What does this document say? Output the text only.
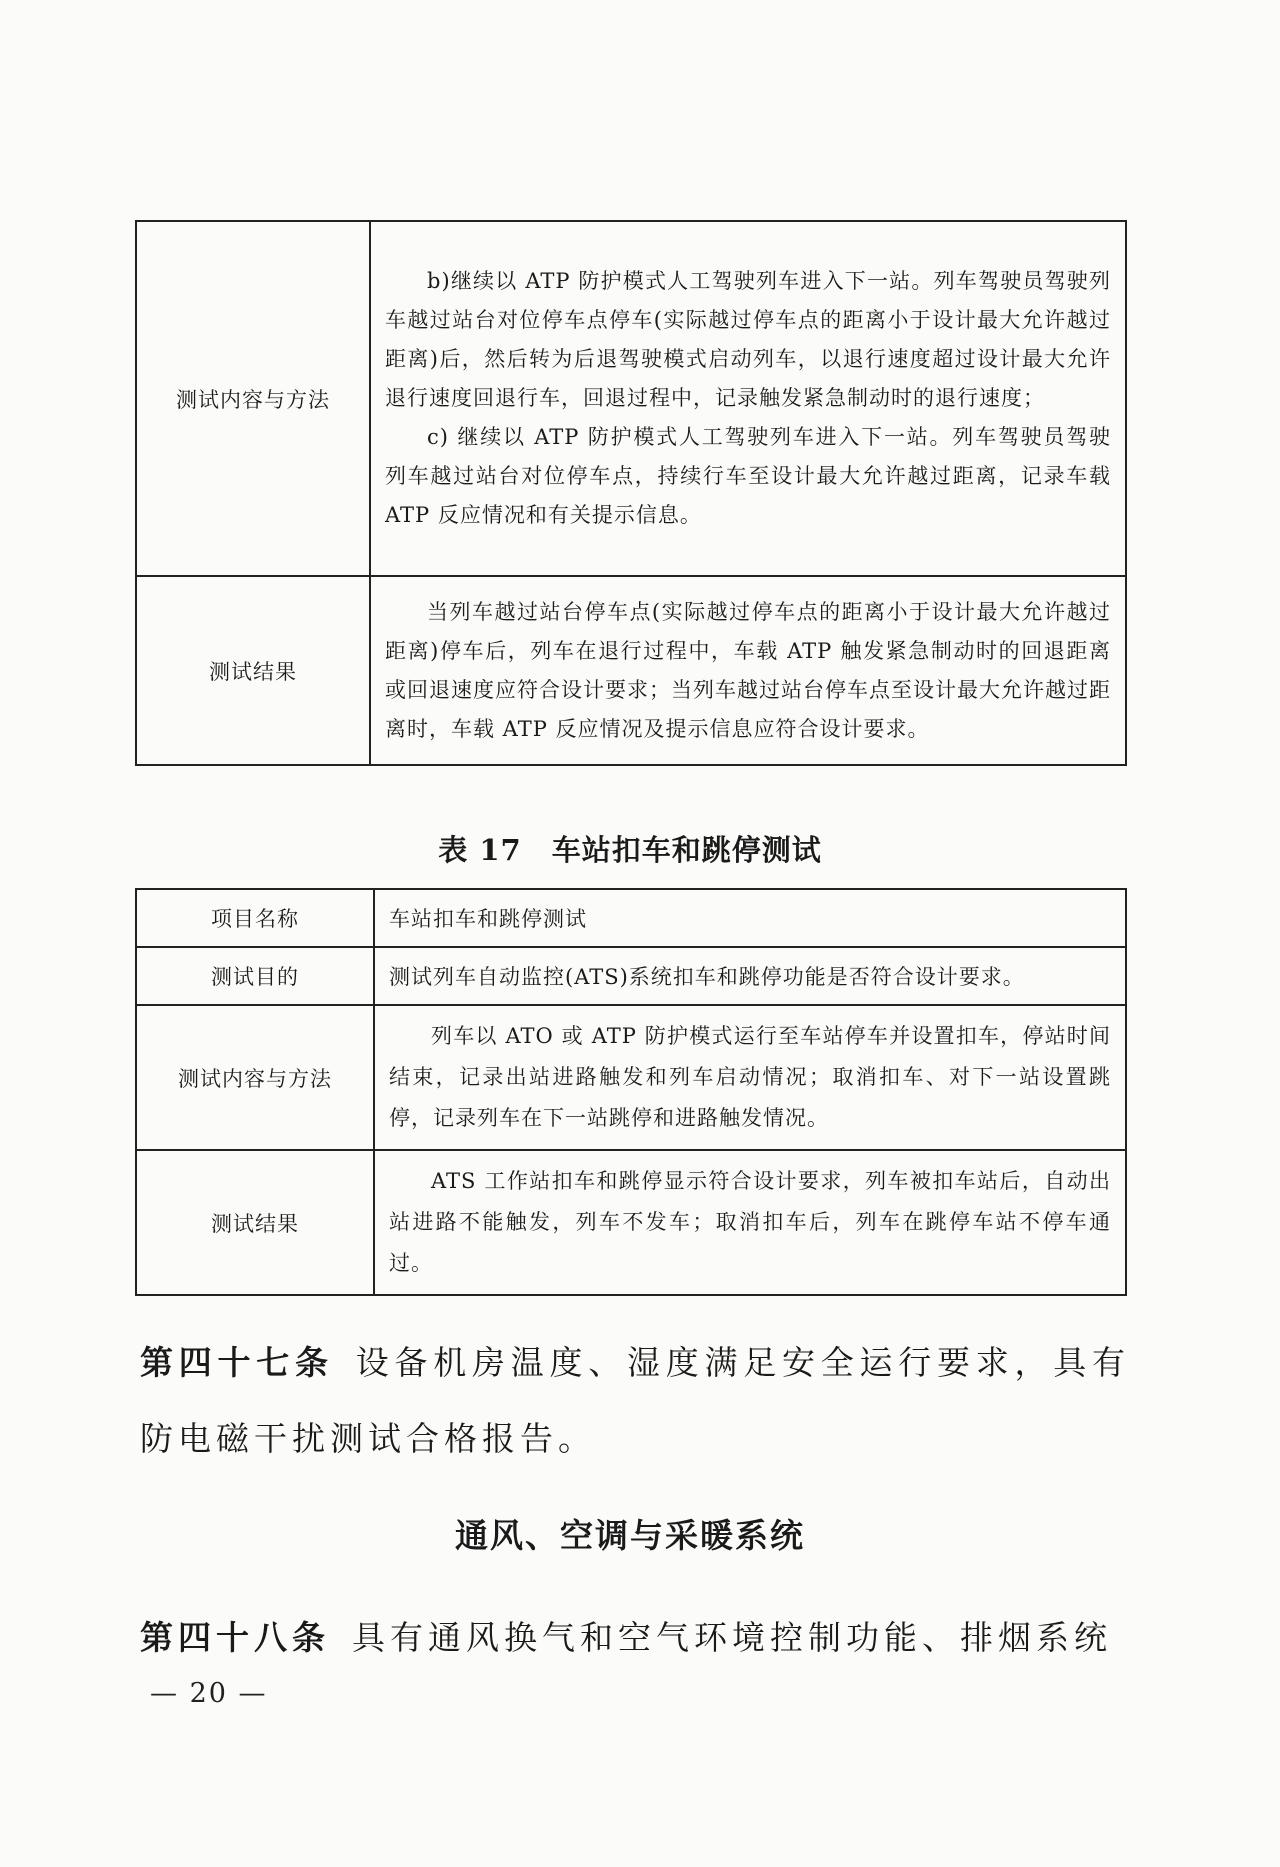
测试内容与方法	b)继续以 ATP 防护模式人工驾驶列车进入下一站。列车驾驶员驾驶列车越过站台对位停车点停车(实际越过停车点的距离小于设计最大允许越过距离)后，然后转为后退驾驶模式启动列车，以退行速度超过设计最大允许退行速度回退行车，回退过程中，记录触发紧急制动时的退行速度；

c) 继续以 ATP 防护模式人工驾驶列车进入下一站。列车驾驶员驾驶列车越过站台对位停车点，持续行车至设计最大允许越过距离，记录车载 ATP 反应情况和有关提示信息。

测试结果	当列车越过站台停车点(实际越过停车点的距离小于设计最大允许越过距离)停车后，列车在退行过程中，车载 ATP 触发紧急制动时的回退距离或回退速度应符合设计要求；当列车越过站台停车点至设计最大允许越过距离时，车载 ATP 反应情况及提示信息应符合设计要求。

表 17　车站扣车和跳停测试
项目名称	车站扣车和跳停测试
测试目的	测试列车自动监控(ATS)系统扣车和跳停功能是否符合设计要求。
测试内容与方法	列车以 ATO 或 ATP 防护模式运行至车站停车并设置扣车，停站时间结束，记录出站进路触发和列车启动情况；取消扣车、对下一站设置跳停，记录列车在下一站跳停和进路触发情况。

测试结果	ATS 工作站扣车和跳停显示符合设计要求，列车被扣车站后，自动出站进路不能触发，列车不发车；取消扣车后，列车在跳停车站不停车通过。

第四十七条 设备机房温度、湿度满足安全运行要求，具有防电磁干扰测试合格报告。
通风、空调与采暖系统
第四十八条 具有通风换气和空气环境控制功能、排烟系统
— 20 —
